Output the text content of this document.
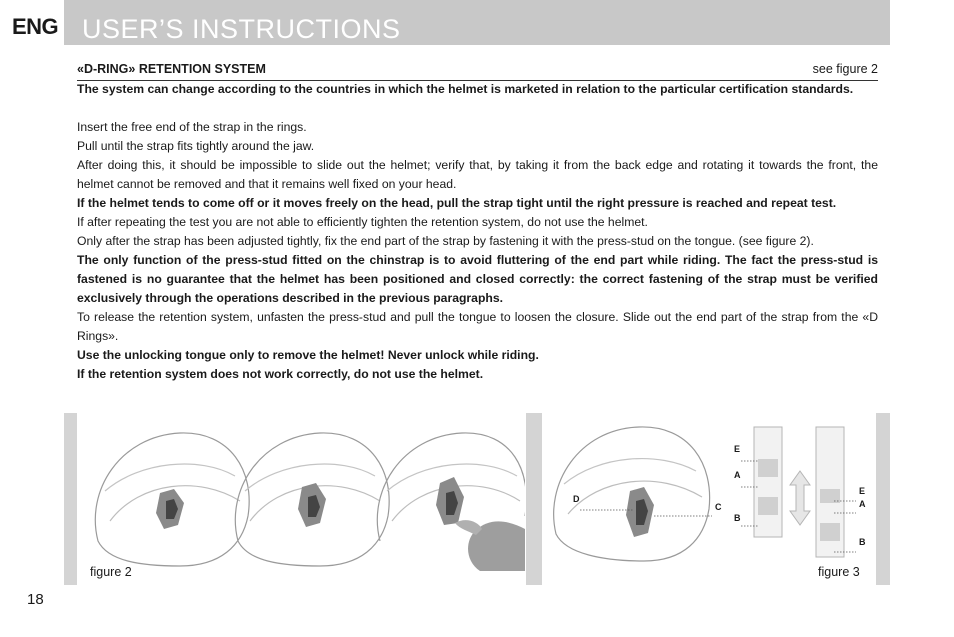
ENG USER’S INSTRUCTIONS
«D-RING» RETENTION SYSTEM	see figure 2

The system can change according to the countries in which the helmet is marketed in relation to the particular certification standards.

Insert the free end of the strap in the rings.

Pull until the strap fits tightly around the jaw.

After doing this, it should be impossible to slide out the helmet; verify that, by taking it from the back edge and rotating it towards the front, the helmet cannot be removed and that it remains well fixed on your head.

If the helmet tends to come off or it moves freely on the head, pull the strap tight until the right pressure is reached and repeat test.

If after repeating the test you are not able to efficiently tighten the retention system, do not use the helmet.

Only after the strap has been adjusted tightly, fix the end part of the strap by fastening it with the press-stud on the tongue. (see figure 2).

The only function of the press-stud fitted on the chinstrap is to avoid fluttering of the end part while riding. The fact the press-stud is fastened is no guarantee that the helmet has been positioned and closed correctly: the correct fastening of the strap must be verified exclusively through the operations described in the previous paragraphs.

To release the retention system, unfasten the press-stud and pull the tongue to loosen the closure. Slide out the end part of the strap from the «D Rings».

Use the unlocking tongue only to remove the helmet! Never unlock while riding.

If the retention system does not work correctly, do not use the helmet.

figure 2
D
C
E
A
B
E
A
B
figure 3
18
